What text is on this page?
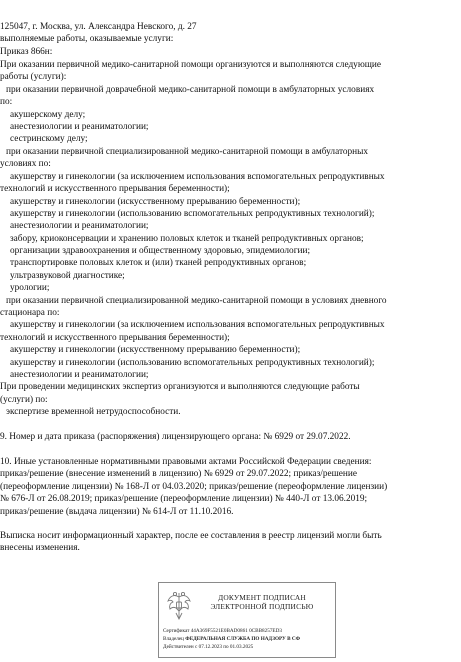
125047, г. Москва, ул. Александра Невского, д. 27
выполняемые работы, оказываемые услуги:
Приказ 866н:
При оказании первичной медико-санитарной помощи организуются и выполняются следующие
работы (услуги):
при оказании первичной доврачебной медико-санитарной помощи в амбулаторных условиях
по:
акушерскому делу;
анестезиологии и реаниматологии;
сестринскому делу;
при оказании первичной специализированной медико-санитарной помощи в амбулаторных
условиях по:
акушерству и гинекологии (за исключением использования вспомогательных репродуктивных
технологий и искусственного прерывания беременности);
акушерству и гинекологии (искусственному прерыванию беременности);
акушерству и гинекологии (использованию вспомогательных репродуктивных технологий);
анестезиологии и реаниматологии;
забору, криоконсервации и хранению половых клеток и тканей репродуктивных органов;
организации здравоохранения и общественному здоровью, эпидемиологии;
транспортировке половых клеток и (или) тканей репродуктивных органов;
ультразвуковой диагностике;
урологии;
при оказании первичной специализированной медико-санитарной помощи в условиях дневного
стационара по:
акушерству и гинекологии (за исключением использования вспомогательных репродуктивных
технологий и искусственного прерывания беременности);
акушерству и гинекологии (искусственному прерыванию беременности);
акушерству и гинекологии (использованию вспомогательных репродуктивных технологий);
анестезиологии и реаниматологии;
При проведении медицинских экспертиз организуются и выполняются следующие работы
(услуги) по:
экспертизе временной нетрудоспособности.
9. Номер и дата приказа (распоряжения) лицензирующего органа: № 6929 от 29.07.2022.
10. Иные установленные нормативными правовыми актами Российской Федерации сведения:
приказ/решение (внесение изменений в лицензию) № 6929 от 29.07.2022; приказ/решение
(переоформление лицензии) № 168-Л от 04.03.2020; приказ/решение (переоформление лицензии)
№ 676-Л от 26.08.2019; приказ/решение (переоформление лицензии) № 440-Л от 13.06.2019;
приказ/решение (выдача лицензии) № 614-Л от 11.10.2016.
Выписка носит информационный характер, после ее составления в реестр лицензий могли быть
внесены изменения.
ДОКУМЕНТ ПОДПИСАН
ЭЛЕКТРОННОЙ ПОДПИСЬЮ
Сертификат 44A369F5521E0BAD0861 0CBB8257ED3
Владелец ФЕДЕРАЛЬНАЯ СЛУЖБА ПО НАДЗОРУ В СФ
Действителен с 07.12.2023 по 01.03.2025
